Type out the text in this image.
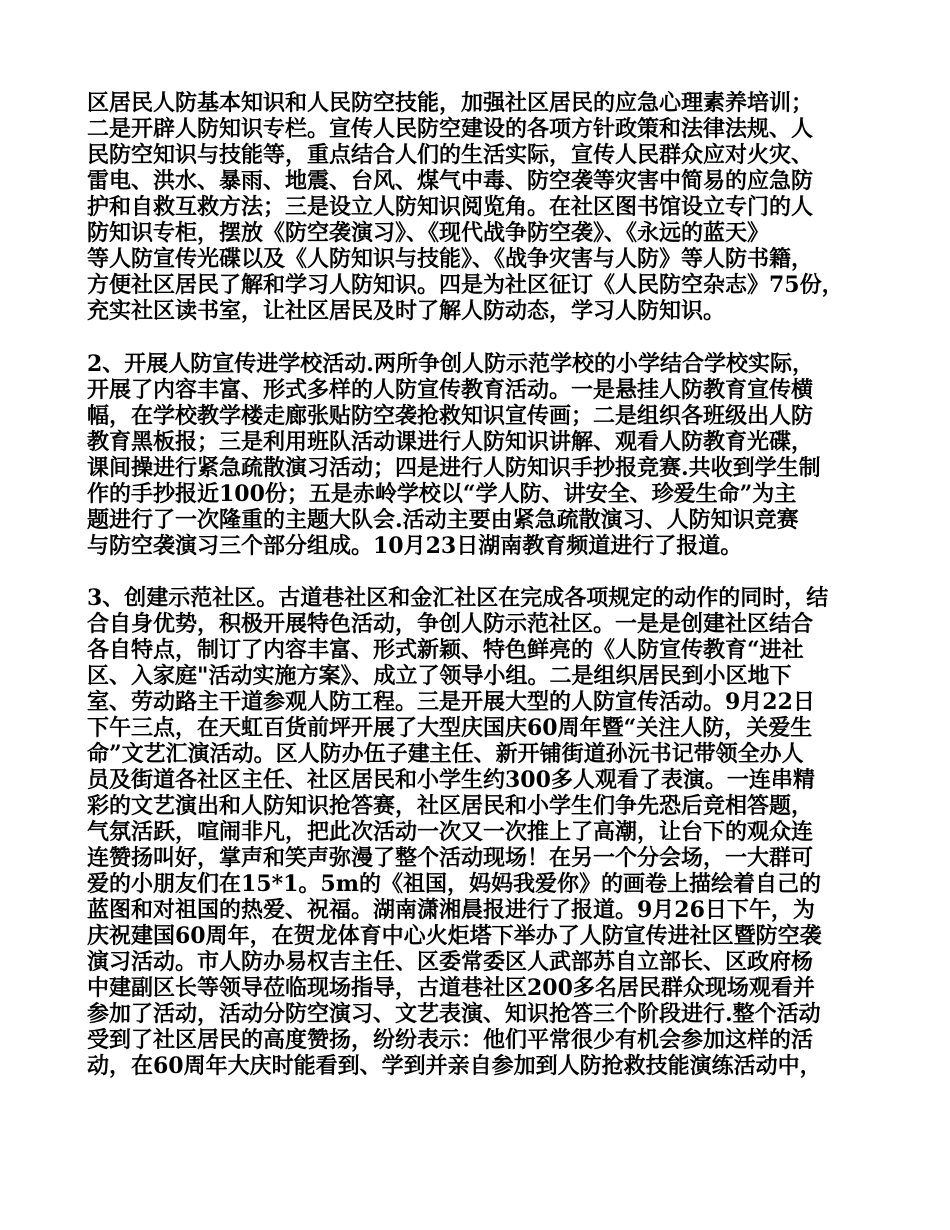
区居民人防基本知识和人民防空技能，加强社区居民的应急心理素养培训；
二是开辟人防知识专栏。宣传人民防空建设的各项方针政策和法律法规、人
民防空知识与技能等，重点结合人们的生活实际，宣传人民群众应对火灾、
雷电、洪水、暴雨、地震、台风、煤气中毒、防空袭等灾害中简易的应急防
护和自救互救方法；三是设立人防知识阅览角。在社区图书馆设立专门的人
防知识专柜，摆放《防空袭演习》、《现代战争防空袭》、《永远的蓝天》
等人防宣传光碟以及《人防知识与技能》、《战争灾害与人防》等人防书籍，
方便社区居民了解和学习人防知识。四是为社区征订《人民防空杂志》75份，
充实社区读书室，让社区居民及时了解人防动态，学习人防知识。
2、开展人防宣传进学校活动.两所争创人防示范学校的小学结合学校实际，
开展了内容丰富、形式多样的人防宣传教育活动。一是悬挂人防教育宣传横
幅，在学校教学楼走廊张贴防空袭抢救知识宣传画；二是组织各班级出人防
教育黑板报；三是利用班队活动课进行人防知识讲解、观看人防教育光碟，
课间操进行紧急疏散演习活动；四是进行人防知识手抄报竞赛.共收到学生制
作的手抄报近100份；五是赤岭学校以“学人防、讲安全、珍爱生命”为主
题进行了一次隆重的主题大队会.活动主要由紧急疏散演习、人防知识竞赛
与防空袭演习三个部分组成。10月23日湖南教育频道进行了报道。
3、创建示范社区。古道巷社区和金汇社区在完成各项规定的动作的同时，结
合自身优势，积极开展特色活动，争创人防示范社区。一是是创建社区结合
各自特点，制订了内容丰富、形式新颖、特色鲜亮的《人防宣传教育“进社
区、入家庭"活动实施方案》、成立了领导小组。二是组织居民到小区地下
室、劳动路主干道参观人防工程。三是开展大型的人防宣传活动。9月22日
下午三点，在天虹百货前坪开展了大型庆国庆60周年暨“关注人防，关爱生
命”文艺汇演活动。区人防办伍子建主任、新开铺街道孙沅书记带领全办人
员及街道各社区主任、社区居民和小学生约300多人观看了表演。一连串精
彩的文艺演出和人防知识抢答赛，社区居民和小学生们争先恐后竞相答题，
气氛活跃，喧闹非凡，把此次活动一次又一次推上了高潮，让台下的观众连
连赞扬叫好，掌声和笑声弥漫了整个活动现场！在另一个分会场，一大群可
爱的小朋友们在15*1。5m的《祖国，妈妈我爱你》的画卷上描绘着自己的
蓝图和对祖国的热爱、祝福。湖南潇湘晨报进行了报道。9月26日下午，为
庆祝建国60周年，在贺龙体育中心火炬塔下举办了人防宣传进社区暨防空袭
演习活动。市人防办易权吉主任、区委常委区人武部苏自立部长、区政府杨
中建副区长等领导莅临现场指导，古道巷社区200多名居民群众现场观看并
参加了活动，活动分防空演习、文艺表演、知识抢答三个阶段进行.整个活动
受到了社区居民的高度赞扬，纷纷表示：他们平常很少有机会参加这样的活
动，在60周年大庆时能看到、学到并亲自参加到人防抢救技能演练活动中，
